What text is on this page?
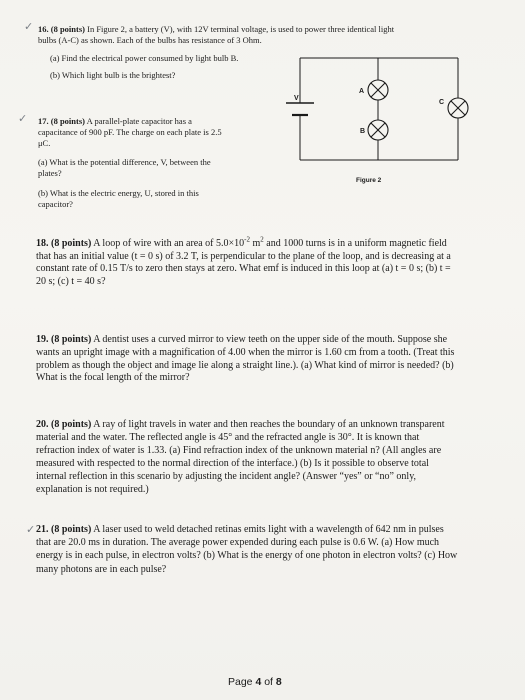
✓
✓
✓
16. (8 points) In Figure 2, a battery (V), with 12V terminal voltage, is used to power three identical light
bulbs (A-C) as shown. Each of the bulbs has resistance of 3 Ohm.
(a) Find the electrical power consumed by light bulb B.
(b) Which light bulb is the brightest?
17. (8 points) A parallel-plate capacitor has a
capacitance of 900 pF. The charge on each plate is 2.5
μC.
(a) What is the potential difference, V, between the
plates?
(b) What is the electric energy, U, stored in this
capacitor?
V
A
B
C
Figure 2
18. (8 points) A loop of wire with an area of $5.0\times 10^{-2}$ $m^2$ and 1000 turns is in a uniform magnetic field
that has an initial value (t = 0 s) of 3.2 T, is perpendicular to the plane of the loop, and is decreasing at a
constant rate of 0.15 T/s to zero then stays at zero. What emf is induced in this loop at (a) t = 0 s; (b) t =
20 s; (c) t = 40 s?
19. (8 points) A dentist uses a curved mirror to view teeth on the upper side of the mouth. Suppose she
wants an upright image with a magnification of 4.00 when the mirror is 1.60 cm from a tooth. (Treat this
problem as though the object and image lie along a straight line.). (a) What kind of mirror is needed? (b)
What is the focal length of the mirror?
20. (8 points) A ray of light travels in water and then reaches the boundary of an unknown transparent
material and the water. The reflected angle is 45° and the refracted angle is 30°. It is known that
refraction index of water is 1.33. (a) Find refraction index of the unknown material n? (All angles are
measured with respected to the normal direction of the interface.) (b) Is it possible to observe total
internal reflection in this scenario by adjusting the incident angle? (Answer “yes” or “no” only,
explanation is not required.)
21. (8 points) A laser used to weld detached retinas emits light with a wavelength of 642 nm in pulses
that are 20.0 ms in duration. The average power expended during each pulse is 0.6 W. (a) How much
energy is in each pulse, in electron volts? (b) What is the energy of one photon in electron volts? (c) How
many photons are in each pulse?
Page 4 of 8
